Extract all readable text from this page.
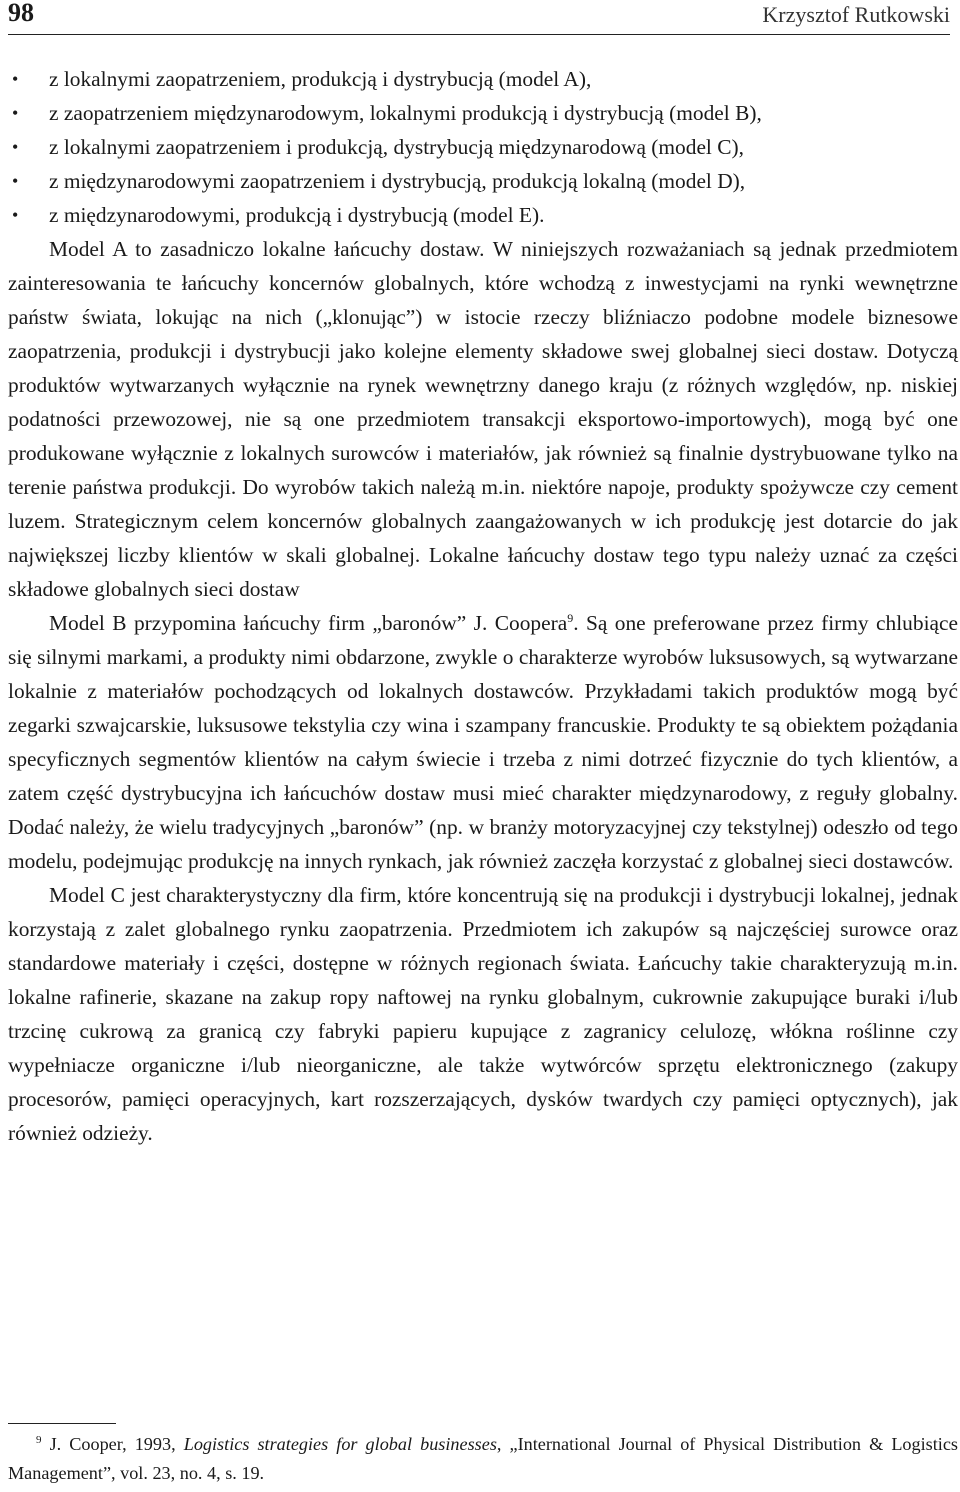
98	Krzysztof Rutkowski
• z lokalnymi zaopatrzeniem, produkcją i dystrybucją (model A),
• z zaopatrzeniem międzynarodowym, lokalnymi produkcją i dystrybucją (model B),
• z lokalnymi zaopatrzeniem i produkcją, dystrybucją międzynarodową (model C),
• z międzynarodowymi zaopatrzeniem i dystrybucją, produkcją lokalną (model D),
• z międzynarodowymi, produkcją i dystrybucją (model E).

Model A to zasadniczo lokalne łańcuchy dostaw. W niniejszych rozważaniach są jednak przedmiotem zainteresowania te łańcuchy koncernów globalnych, które wchodzą z inwestycjami na rynki wewnętrzne państw świata, lokując na nich („klonując”) w istocie rzeczy bliźniaczo podobne modele biznesowe zaopatrzenia, produkcji i dystrybucji jako kolejne elementy składowe swej globalnej sieci dostaw. Dotyczą produktów wytwarzanych wyłącznie na rynek wewnętrzny danego kraju (z różnych względów, np. niskiej podatności przewozowej, nie są one przedmiotem transakcji eksportowo-importowych), mogą być one produkowane wyłącznie z lokalnych surowców i materiałów, jak również są finalnie dystrybuowane tylko na terenie państwa produkcji. Do wyrobów takich należą m.in. niektóre napoje, produkty spożywcze czy cement luzem. Strategicznym celem koncernów globalnych zaangażowanych w ich produkcję jest dotarcie do jak największej liczby klientów w skali globalnej. Lokalne łańcuchy dostaw tego typu należy uznać za części składowe globalnych sieci dostaw

Model B przypomina łańcuchy firm „baronów” J. Coopera$^9$. Są one preferowane przez firmy chlubiące się silnymi markami, a produkty nimi obdarzone, zwykle o charakterze wyrobów luksusowych, są wytwarzane lokalnie z materiałów pochodzących od lokalnych dostawców. Przykładami takich produktów mogą być zegarki szwajcarskie, luksusowe tekstylia czy wina i szampany francuskie. Produkty te są obiektem pożądania specyficznych segmentów klientów na całym świecie i trzeba z nimi dotrzeć fizycznie do tych klientów, a zatem część dystrybucyjna ich łańcuchów dostaw musi mieć charakter międzynarodowy, z reguły globalny. Dodać należy, że wielu tradycyjnych „baronów” (np. w branży motoryzacyjnej czy tekstylnej) odeszło od tego modelu, podejmując produkcję na innych rynkach, jak również zaczęła korzystać z globalnej sieci dostawców.

Model C jest charakterystyczny dla firm, które koncentrują się na produkcji i dystrybucji lokalnej, jednak korzystają z zalet globalnego rynku zaopatrzenia. Przedmiotem ich zakupów są najczęściej surowce oraz standardowe materiały i części, dostępne w różnych regionach świata. Łańcuchy takie charakteryzują m.in. lokalne rafinerie, skazane na zakup ropy naftowej na rynku globalnym, cukrownie zakupujące buraki i/lub trzcinę cukrową za granicą czy fabryki papieru kupujące z zagranicy celulozę, włókna roślinne czy wypełniacze organiczne i/lub nieorganiczne, ale także wytwórców sprzętu elektronicznego (zakupy procesorów, pamięci operacyjnych, kart rozszerzających, dysków twardych czy pamięci optycznych), jak również odzieży.

$^9$ J. Cooper, 1993, Logistics strategies for global businesses, „International Journal of Physical Distribution & Logistics Management”, vol. 23, no. 4, s. 19.
